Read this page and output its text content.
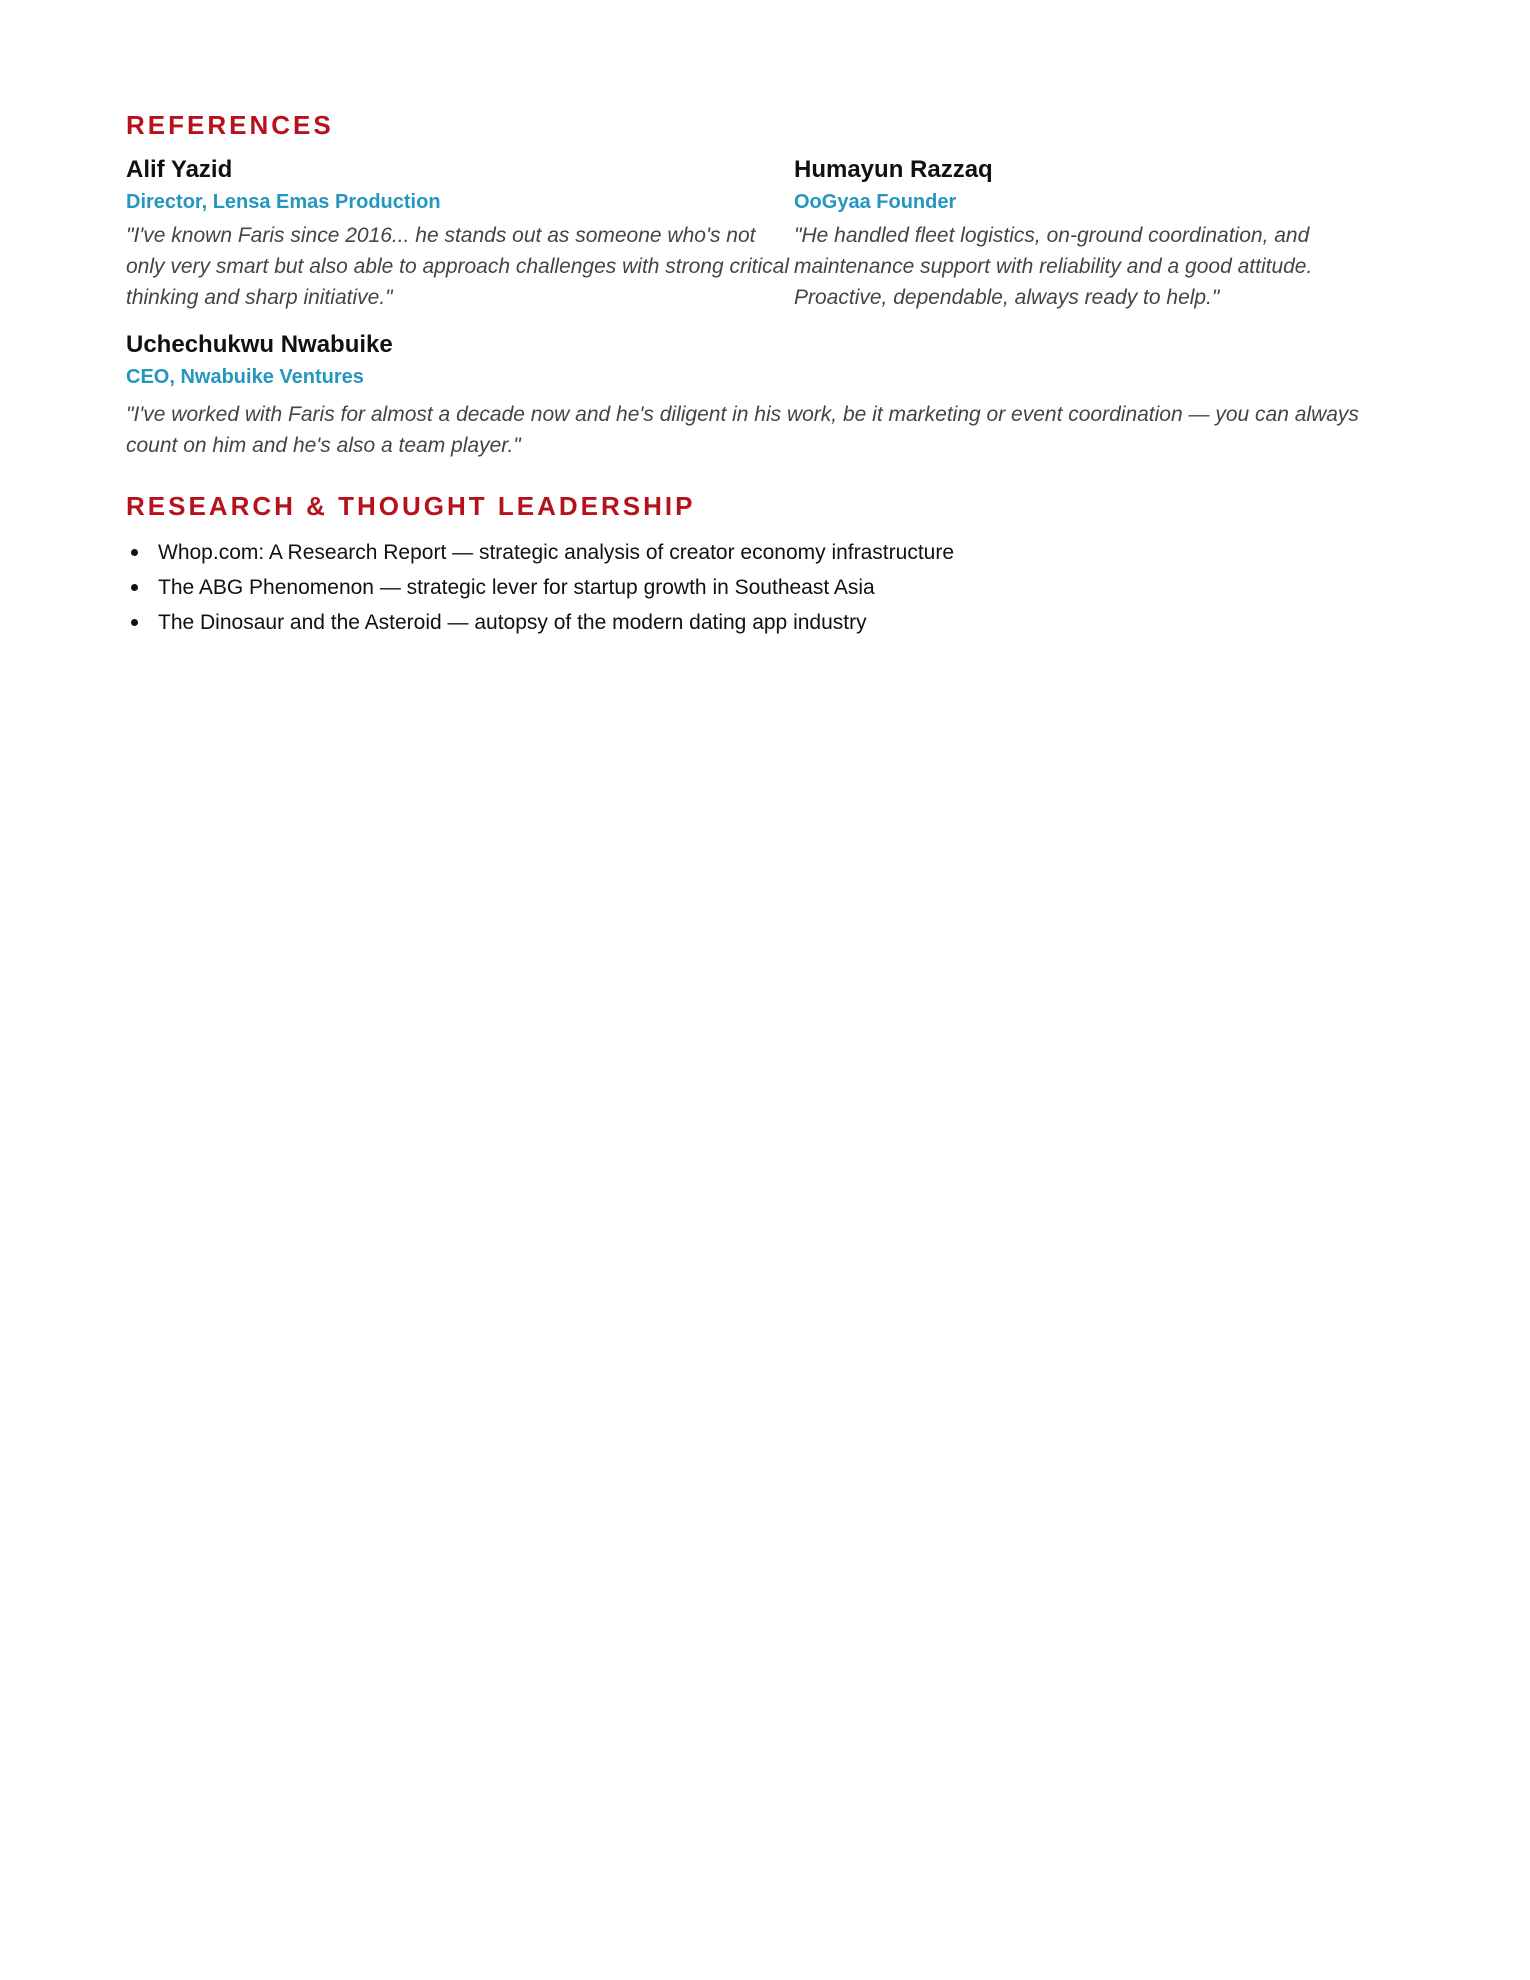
REFERENCES

Alif Yazid

Director, Lensa Emas Production

"I've known Faris since 2016... he stands out as someone who's not only very smart but also able to approach challenges with strong critical thinking and sharp initiative."

Humayun Razzaq

OoGyaa Founder

"He handled fleet logistics, on-ground coordination, and maintenance support with reliability and a good attitude. Proactive, dependable, always ready to help."

Uchechukwu Nwabuike

CEO, Nwabuike Ventures

"I've worked with Faris for almost a decade now and he's diligent in his work, be it marketing or event coordination — you can always count on him and he's also a team player."

RESEARCH & THOUGHT LEADERSHIP
Whop.com: A Research Report — strategic analysis of creator economy infrastructure
The ABG Phenomenon — strategic lever for startup growth in Southeast Asia
The Dinosaur and the Asteroid — autopsy of the modern dating app industry
